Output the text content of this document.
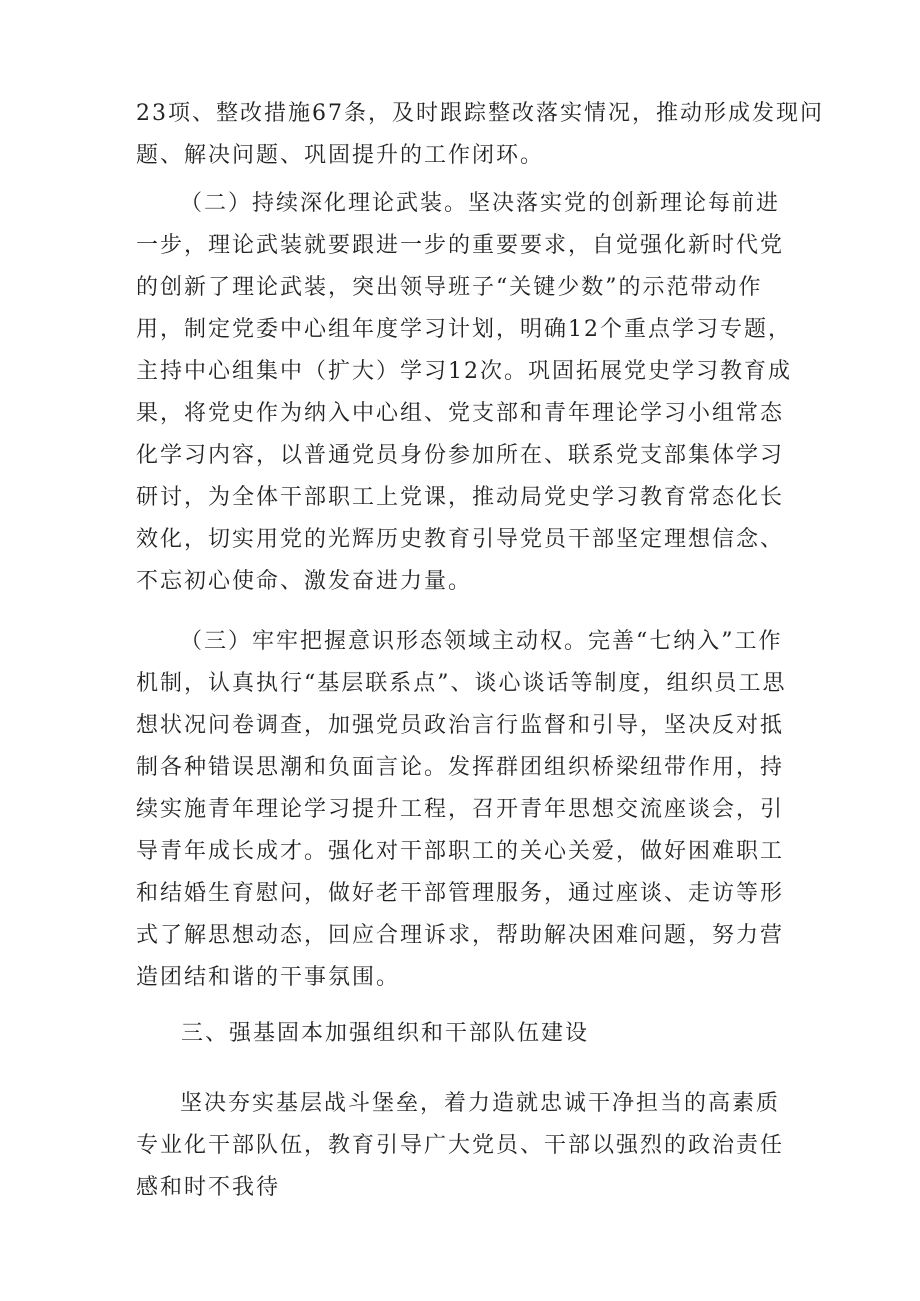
23项、整改措施67条，及时跟踪整改落实情况，推动形成发现问题、解决问题、巩固提升的工作闭环。
（二）持续深化理论武装。坚决落实党的创新理论每前进一步，理论武装就要跟进一步的重要要求，自觉强化新时代党的创新了理论武装，突出领导班子“关键少数”的示范带动作用，制定党委中心组年度学习计划，明确12个重点学习专题，主持中心组集中（扩大）学习12次。巩固拓展党史学习教育成果，将党史作为纳入中心组、党支部和青年理论学习小组常态化学习内容，以普通党员身份参加所在、联系党支部集体学习研讨，为全体干部职工上党课，推动局党史学习教育常态化长效化，切实用党的光辉历史教育引导党员干部坚定理想信念、不忘初心使命、激发奋进力量。
（三）牢牢把握意识形态领域主动权。完善“七纳入”工作机制，认真执行“基层联系点”、谈心谈话等制度，组织员工思想状况问卷调查，加强党员政治言行监督和引导，坚决反对抵制各种错误思潮和负面言论。发挥群团组织桥梁纽带作用，持续实施青年理论学习提升工程，召开青年思想交流座谈会，引导青年成长成才。强化对干部职工的关心关爱，做好困难职工和结婚生育慰问，做好老干部管理服务，通过座谈、走访等形式了解思想动态，回应合理诉求，帮助解决困难问题，努力营造团结和谐的干事氛围。
三、强基固本加强组织和干部队伍建设
坚决夯实基层战斗堡垒，着力造就忠诚干净担当的高素质专业化干部队伍，教育引导广大党员、干部以强烈的政治责任感和时不我待
